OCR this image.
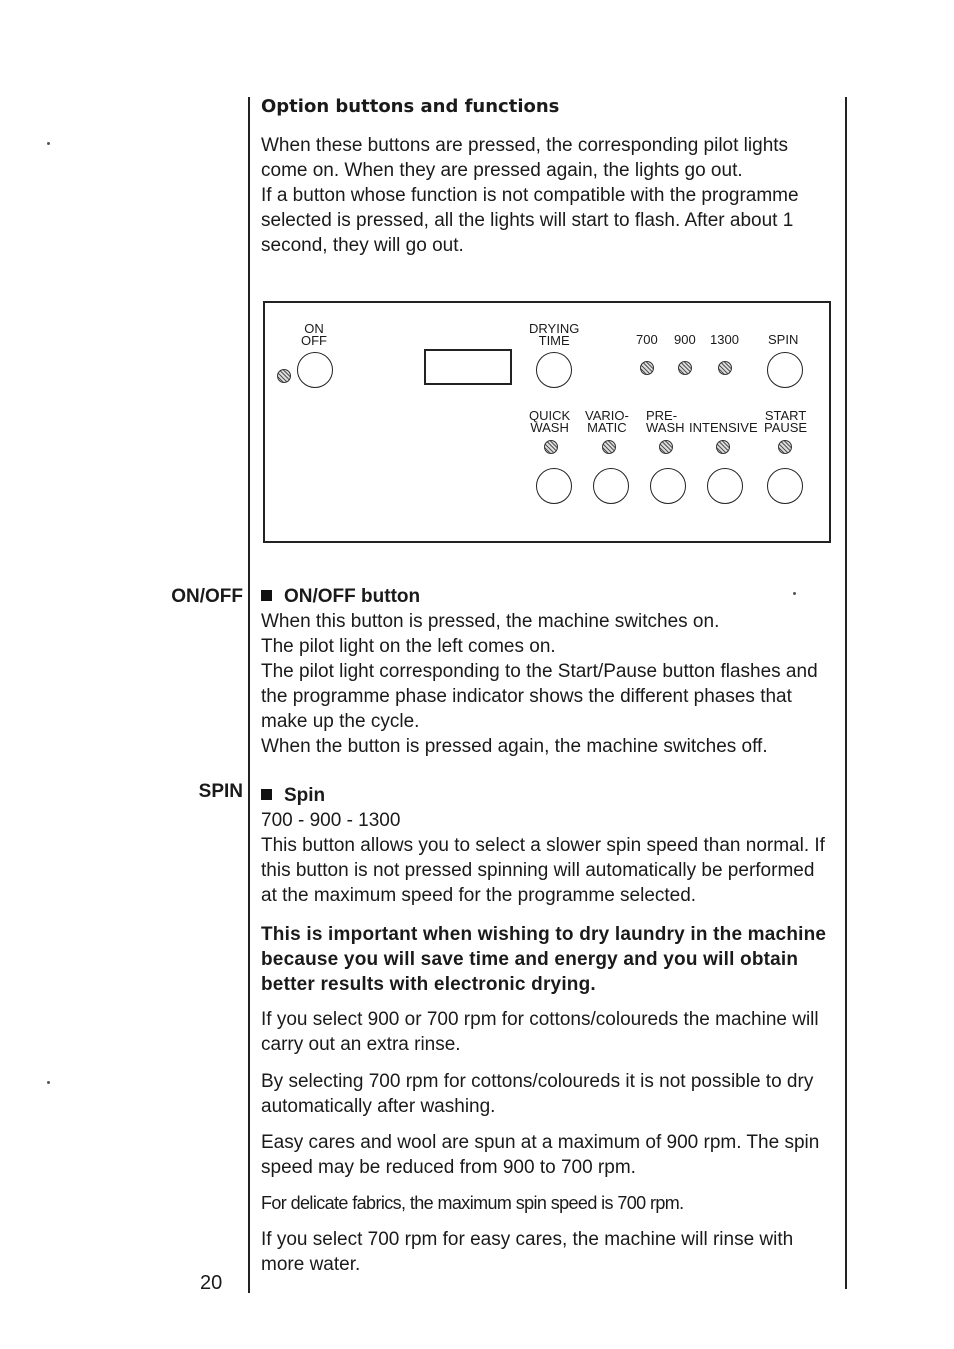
Option buttons and functions
When these buttons are pressed, the corresponding pilot lights come on. When they are pressed again, the lights go out.
If a button whose function is not compatible with the programme selected is pressed, all the lights will start to flash. After about 1 second, they will go out.
ON
OFF
DRYING
TIME	700 900 1300 SPIN
QUICK
WASH
VARIO-
MATIC
PRE-
WASH INTENSIVE
START
PAUSE
ON/OFF	ON/OFF button
When this button is pressed, the machine switches on.
The pilot light on the left comes on.
The pilot light corresponding to the Start/Pause button flashes and the programme phase indicator shows the different phases that make up the cycle.
When the button is pressed again, the machine switches off.
SPIN	Spin
700 - 900 - 1300
This button allows you to select a slower spin speed than normal. If this button is not pressed spinning will automatically be performed at the maximum speed for the programme selected.
This is important when wishing to dry laundry in the machine because you will save time and energy and you will obtain better results with electronic drying.
If you select 900 or 700 rpm for cottons/coloureds the machine will carry out an extra rinse.
By selecting 700 rpm for cottons/coloureds it is not possible to dry automatically after washing.
Easy cares and wool are spun at a maximum of 900 rpm. The spin speed may be reduced from 900 to 700 rpm.
For delicate fabrics, the maximum spin speed is 700 rpm.
If you select 700 rpm for easy cares, the machine will rinse with more water.
20
